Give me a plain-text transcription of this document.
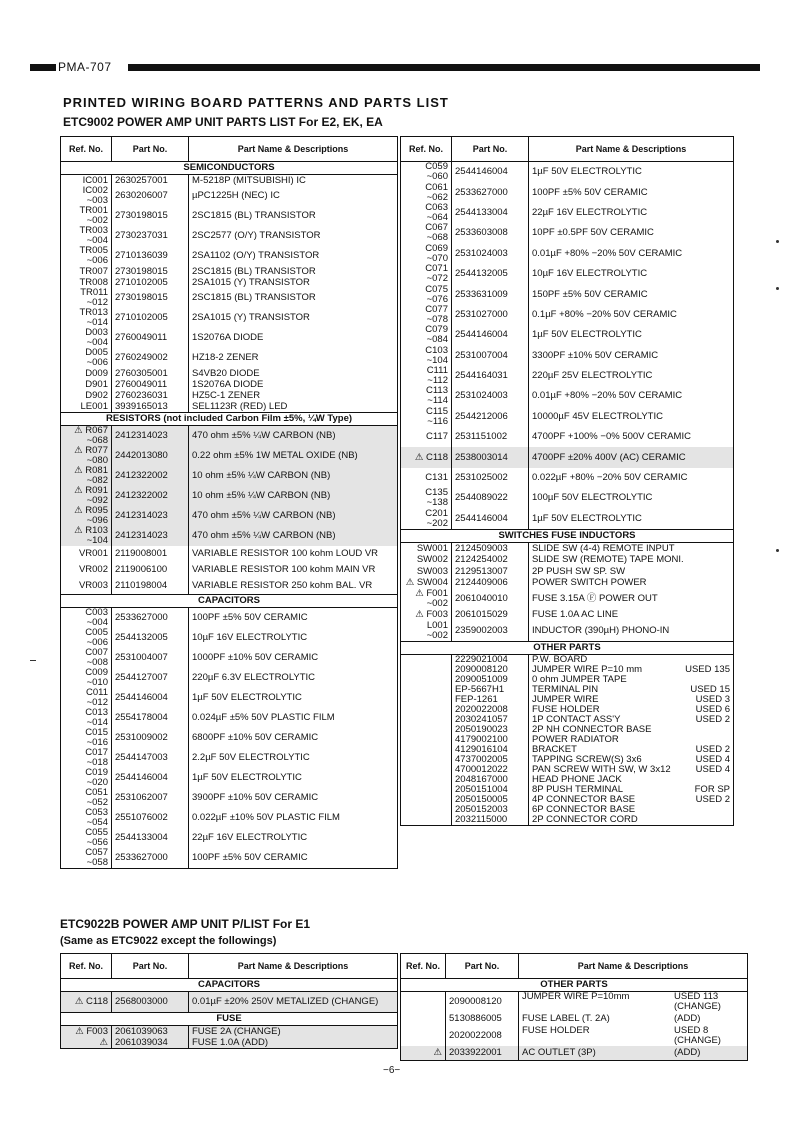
PMA-707
PRINTED WIRING BOARD PATTERNS AND PARTS LIST
ETC9002 POWER AMP UNIT PARTS LIST For E2, EK, EA
Ref. No.	Part No.	Part Name & Descriptions
SEMICONDUCTORS		
IC001	2630257001	M-5218P (MITSUBISHI) IC
IC002 ~003	2630206007	µPC1225H (NEC) IC
TR001 ~002	2730198015	2SC1815 (BL) TRANSISTOR
TR003 ~004	2730237031	2SC2577 (O/Y) TRANSISTOR
TR005 ~006	2710136039	2SA1102 (O/Y) TRANSISTOR
TR007	2730198015	2SC1815 (BL) TRANSISTOR
TR008	2710102005	2SA1015 (Y) TRANSISTOR
TR011 ~012	2730198015	2SC1815 (BL) TRANSISTOR
TR013 ~014	2710102005	2SA1015 (Y) TRANSISTOR
D003 ~004	2760049011	1S2076A DIODE
D005 ~006	2760249002	HZ18-2 ZENER
D009	2760305001	S4VB20 DIODE
D901	2760049011	1S2076A DIODE
D902	2760236031	HZ5C-1 ZENER
LE001	3939165013	SEL1123R (RED) LED
RESISTORS (not included Carbon Film ±5%, ¼W Type)		
⚠ R067 ~068	2412314023	470 ohm ±5% ¼W CARBON (NB)
⚠ R077 ~080	2442013080	0.22 ohm ±5% 1W METAL OXIDE (NB)
⚠ R081 ~082	2412322002	10 ohm ±5% ¼W CARBON (NB)
⚠ R091 ~092	2412322002	10 ohm ±5% ¼W CARBON (NB)
⚠ R095 ~096	2412314023	470 ohm ±5% ¼W CARBON (NB)
⚠ R103 ~104	2412314023	470 ohm ±5% ¼W CARBON (NB)
VR001	2119008001	VARIABLE RESISTOR 100 kohm LOUD VR
VR002	2119006100	VARIABLE RESISTOR 100 kohm MAIN VR
VR003	2110198004	VARIABLE RESISTOR 250 kohm BAL. VR
CAPACITORS		
C003 ~004	2533627000	100PF ±5% 50V CERAMIC
C005 ~006	2544132005	10µF 16V ELECTROLYTIC
C007 ~008	2531004007	1000PF ±10% 50V CERAMIC
C009 ~010	2544127007	220µF 6.3V ELECTROLYTIC
C011 ~012	2544146004	1µF 50V ELECTROLYTIC
C013 ~014	2554178004	0.024µF ±5% 50V PLASTIC FILM
C015 ~016	2531009002	6800PF ±10% 50V CERAMIC
C017 ~018	2544147003	2.2µF 50V ELECTROLYTIC
C019 ~020	2544146004	1µF 50V ELECTROLYTIC
C051 ~052	2531062007	3900PF ±10% 50V CERAMIC
C053 ~054	2551076002	0.022µF ±10% 50V PLASTIC FILM
C055 ~056	2544133004	22µF 16V ELECTROLYTIC
C057 ~058	2533627000	100PF ±5% 50V CERAMIC
Ref. No.	Part No.	Part Name & Descriptions
C059 ~060	2544146004	1µF 50V ELECTROLYTIC
C061 ~062	2533627000	100PF ±5% 50V CERAMIC
C063 ~064	2544133004	22µF 16V ELECTROLYTIC
C067 ~068	2533603008	10PF ±0.5PF 50V CERAMIC
C069 ~070	2531024003	0.01µF +80% −20% 50V CERAMIC
C071 ~072	2544132005	10µF 16V ELECTROLYTIC
C075 ~076	2533631009	150PF ±5% 50V CERAMIC
C077 ~078	2531027000	0.1µF +80% −20% 50V CERAMIC
C079 ~084	2544146004	1µF 50V ELECTROLYTIC
C103 ~104	2531007004	3300PF ±10% 50V CERAMIC
C111 ~112	2544164031	220µF 25V ELECTROLYTIC
C113 ~114	2531024003	0.01µF +80% −20% 50V CERAMIC
C115 ~116	2544212006	10000µF 45V ELECTROLYTIC
C117	2531151002	4700PF +100% −0% 500V CERAMIC
⚠ C118	2538003014	4700PF ±20% 400V (AC) CERAMIC
C131	2531025002	0.022µF +80% −20% 50V CERAMIC
C135 ~138	2544089022	100µF 50V ELECTROLYTIC
C201 ~202	2544146004	1µF 50V ELECTROLYTIC
SWITCHES FUSE INDUCTORS		
SW001	2124509003	SLIDE SW (4-4) REMOTE INPUT
SW002	2124254002	SLIDE SW (REMOTE) TAPE MONI.
SW003	2129513007	2P PUSH SW SP. SW
⚠ SW004	2124409006	POWER SWITCH POWER
⚠ F001 ~002	2061040010	FUSE 3.15A Ⓕ POWER OUT
⚠ F003	2061015029	FUSE 1.0A AC LINE
L001 ~002	2359002003	INDUCTOR (390µH) PHONO-IN
OTHER PARTS		
	2229021004	P.W. BOARD

	2090008120	JUMPER WIRE P=10 mm USED 135

	2090051009	0 ohm JUMPER TAPE

	EP-5667H1	TERMINAL PIN USED 15

	FEP-1261	JUMPER WIRE USED 3

	2020022008	FUSE HOLDER USED 6

	2030241057	1P CONTACT ASS'Y USED 2

	2050190023	2P NH CONNECTOR BASE

	4179002100	POWER RADIATOR

	4129016104	BRACKET USED 2

	4737002005	TAPPING SCREW(S) 3x6 USED 4

	4700012022	PAN SCREW WITH SW, W 3x12 USED 4

	2048167000	HEAD PHONE JACK

	2050151004	8P PUSH TERMINAL FOR SP

	2050150005	4P CONNECTOR BASE USED 2

	2050152003	6P CONNECTOR BASE

	2032115000	2P CONNECTOR CORD
ETC9022B POWER AMP UNIT P/LIST For E1
(Same as ETC9022 except the followings)
Ref. No.	Part No.	Part Name & Descriptions
CAPACITORS		
⚠ C118	2568003000	0.01µF ±20% 250V METALIZED (CHANGE)
FUSE		
⚠ F003	2061039063	FUSE 2A (CHANGE)
⚠	2061039034	FUSE 1.0A (ADD)
Ref. No.	Part No.	Part Name & Descriptions
OTHER PARTS		
	2090008120	JUMPER WIRE P=10mm USED 113 (CHANGE)

	5130886005	FUSE LABEL (T. 2A) (ADD)

	2020022008	FUSE HOLDER USED 8 (CHANGE)

⚠	2033922001	AC OUTLET (3P) (ADD)
−6−
